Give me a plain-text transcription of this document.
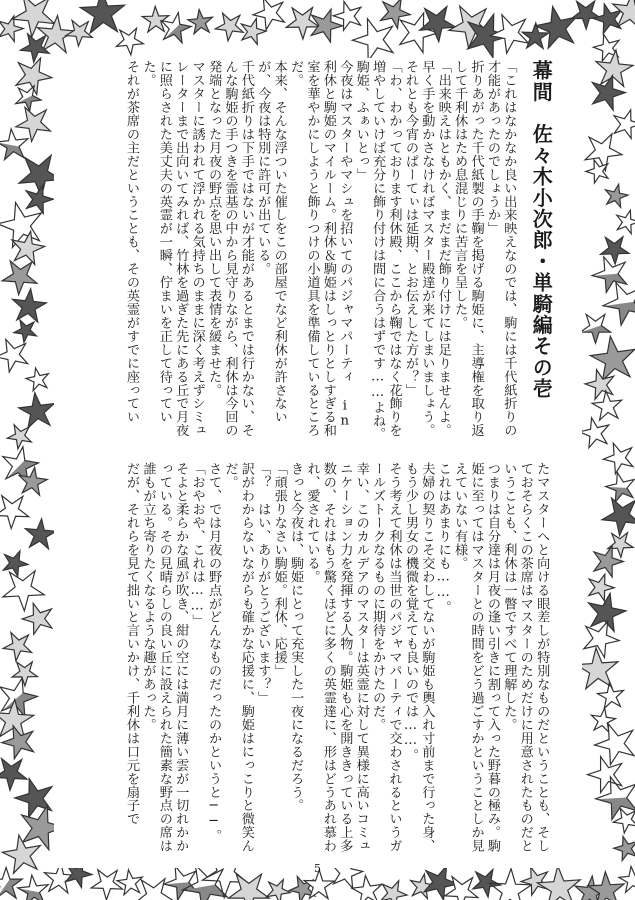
幕間　佐々木小次郎・単騎編その壱

「これはなかなか良い出来映えなのでは、駒には千代紙折りの才能があったのでしょうか」

折りあがった千代紙製の手鞠を掲げる駒姫に、主導権を取り返して千利休はため息混じりに苦言を呈した。

「出来映えはともかく、まだまだ飾り付けには足りませんよ。早く手を動かさなければマスター殿達が来てしまいましょう。それとも今宵のぱーてぃは延期、とお伝えした方が？」

「わ、わかっております利休殿、ここから鞠ではなく花飾りを増やしていけば充分に飾り付けは間に合うはずです……よね。駒姫、ふぁいとっ」

今夜はマスターやマシュを招いてのパジャマパーティ in 利休と駒姫のマイルーム。利休＆駒姫はしっとりとしすぎる和室を華やかにしようと飾りつけの小道具を準備しているところだ。

本来、そんな浮ついた催しをこの部屋でなど利休が許さないが、今夜は特別に許可が出ている。

千代紙折りは下手ではないが才能があるとまでは行かない、そんな駒姫の手つきを霊基の中から見守りながら、利休は今回の発端となった月夜の野点を思い出して表情を緩ませた。

マスターに誘われて浮かれる気持ちのままに深く考えずシミュレーターまで出向いてみれば、竹林を過ぎた先にある丘で月夜に照らされた美丈夫の英霊が一瞬、佇まいを正して待ってい た。

それが茶席の主だということも、その英霊がすでに座ってい

たマスターへと向ける眼差しが特別なものだということも、そしておそらくこの茶席はマスターのためだけに用意されたものだということも、利休は一瞥ですべて理解した。

つまりは自分達は月夜の逢い引きに割って入った野暮の極み。駒姫に至ってはマスターとの時間をどう過ごすかということしか見えていない有様。

これはあまりにも……。

夫婦の契りこそ交わしてないが駒姫も輿入れ寸前まで行った身、もう少し男女の機微を覚えても良いのでは……。

そう考えて利休は当世のパジャマパーティで交わされるというガールズトークなるものに期待をかけたのだ。

幸い、このカルデアのマスターは英霊に対して異様に高いコミュニケーション力を発揮する人物。駒姫も心を開ききっている上多数の、それはもう驚くほどに多くの英霊達に、形はどうあれ慕われ、愛されている。

きっと今夜は、駒姫にとって充実した一夜になるだろう。

「頑張りなさい駒姫。利休、応援」

「？　はい、ありがとうございます？」

訳がわからないながらも確かな応援に、駒姫はにっこりと微笑んだ。

さて、では月夜の野点がどんなものだったのかというと──。

「おやおや、これは……」

そよと柔らかな風が吹き、紺の空には満月に薄い雲が一切れかかっている。その見晴らしの良い丘に設えられた簡素な野点の席は誰もが立ち寄りたくなるような趣があった。

だが、それらを見て拙いと言いかけ、千利休は口元を扇子で

5
